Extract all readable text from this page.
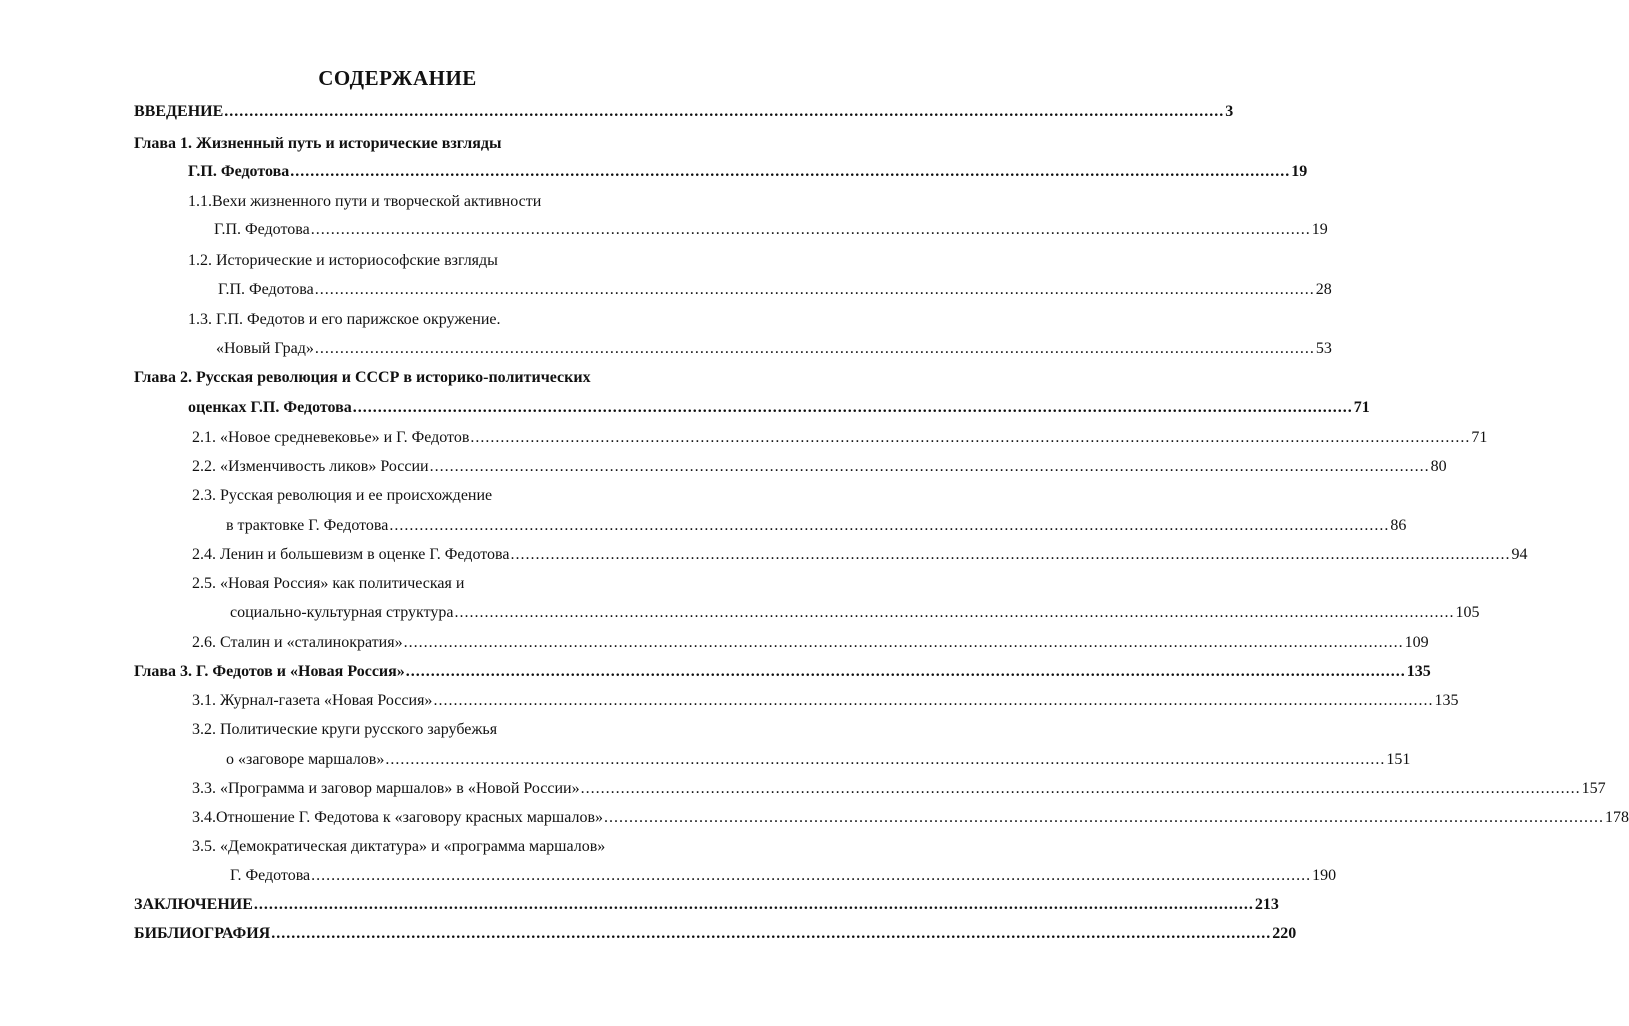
СОДЕРЖАНИЕ
ВВЕДЕНИЕ ........................................................................................................................................................................................................ 3
Глава 1. Жизненный путь и исторические взгляды
Г.П. Федотова ........................................................................................................................................................................................................ 19
1.1.Вехи жизненного пути и творческой активности
Г.П. Федотова ........................................................................................................................................................................................................ 19
1.2. Исторические и историософские взгляды
Г.П. Федотова ........................................................................................................................................................................................................ 28
1.3. Г.П. Федотов и его парижское окружение.
«Новый Град» ........................................................................................................................................................................................................ 53
Глава 2. Русская революция и СССР в историко-политических
оценках Г.П. Федотова ........................................................................................................................................................................................................ 71
2.1. «Новое средневековье» и Г. Федотов ........................................................................................................................................................................................................ 71
2.2. «Изменчивость ликов» России ........................................................................................................................................................................................................ 80
2.3. Русская революция и ее происхождение
в трактовке Г. Федотова ........................................................................................................................................................................................................ 86
2.4. Ленин и большевизм в оценке Г. Федотова ........................................................................................................................................................................................................ 94
2.5. «Новая Россия» как политическая и
социально-культурная структура ........................................................................................................................................................................................................ 105
2.6. Сталин и «сталинократия» ........................................................................................................................................................................................................ 109
Глава 3. Г. Федотов и «Новая Россия» ........................................................................................................................................................................................................ 135
3.1. Журнал-газета «Новая Россия» ........................................................................................................................................................................................................ 135
3.2. Политические круги русского зарубежья
о «заговоре маршалов» ........................................................................................................................................................................................................ 151
3.3. «Программа и заговор маршалов» в «Новой России» ........................................................................................................................................................................................................ 157
3.4.Отношение Г. Федотова к «заговору красных маршалов» ........................................................................................................................................................................................................ 178
3.5. «Демократическая диктатура» и «программа маршалов»
Г. Федотова ........................................................................................................................................................................................................ 190
ЗАКЛЮЧЕНИЕ ........................................................................................................................................................................................................ 213
БИБЛИОГРАФИЯ ........................................................................................................................................................................................................ 220
